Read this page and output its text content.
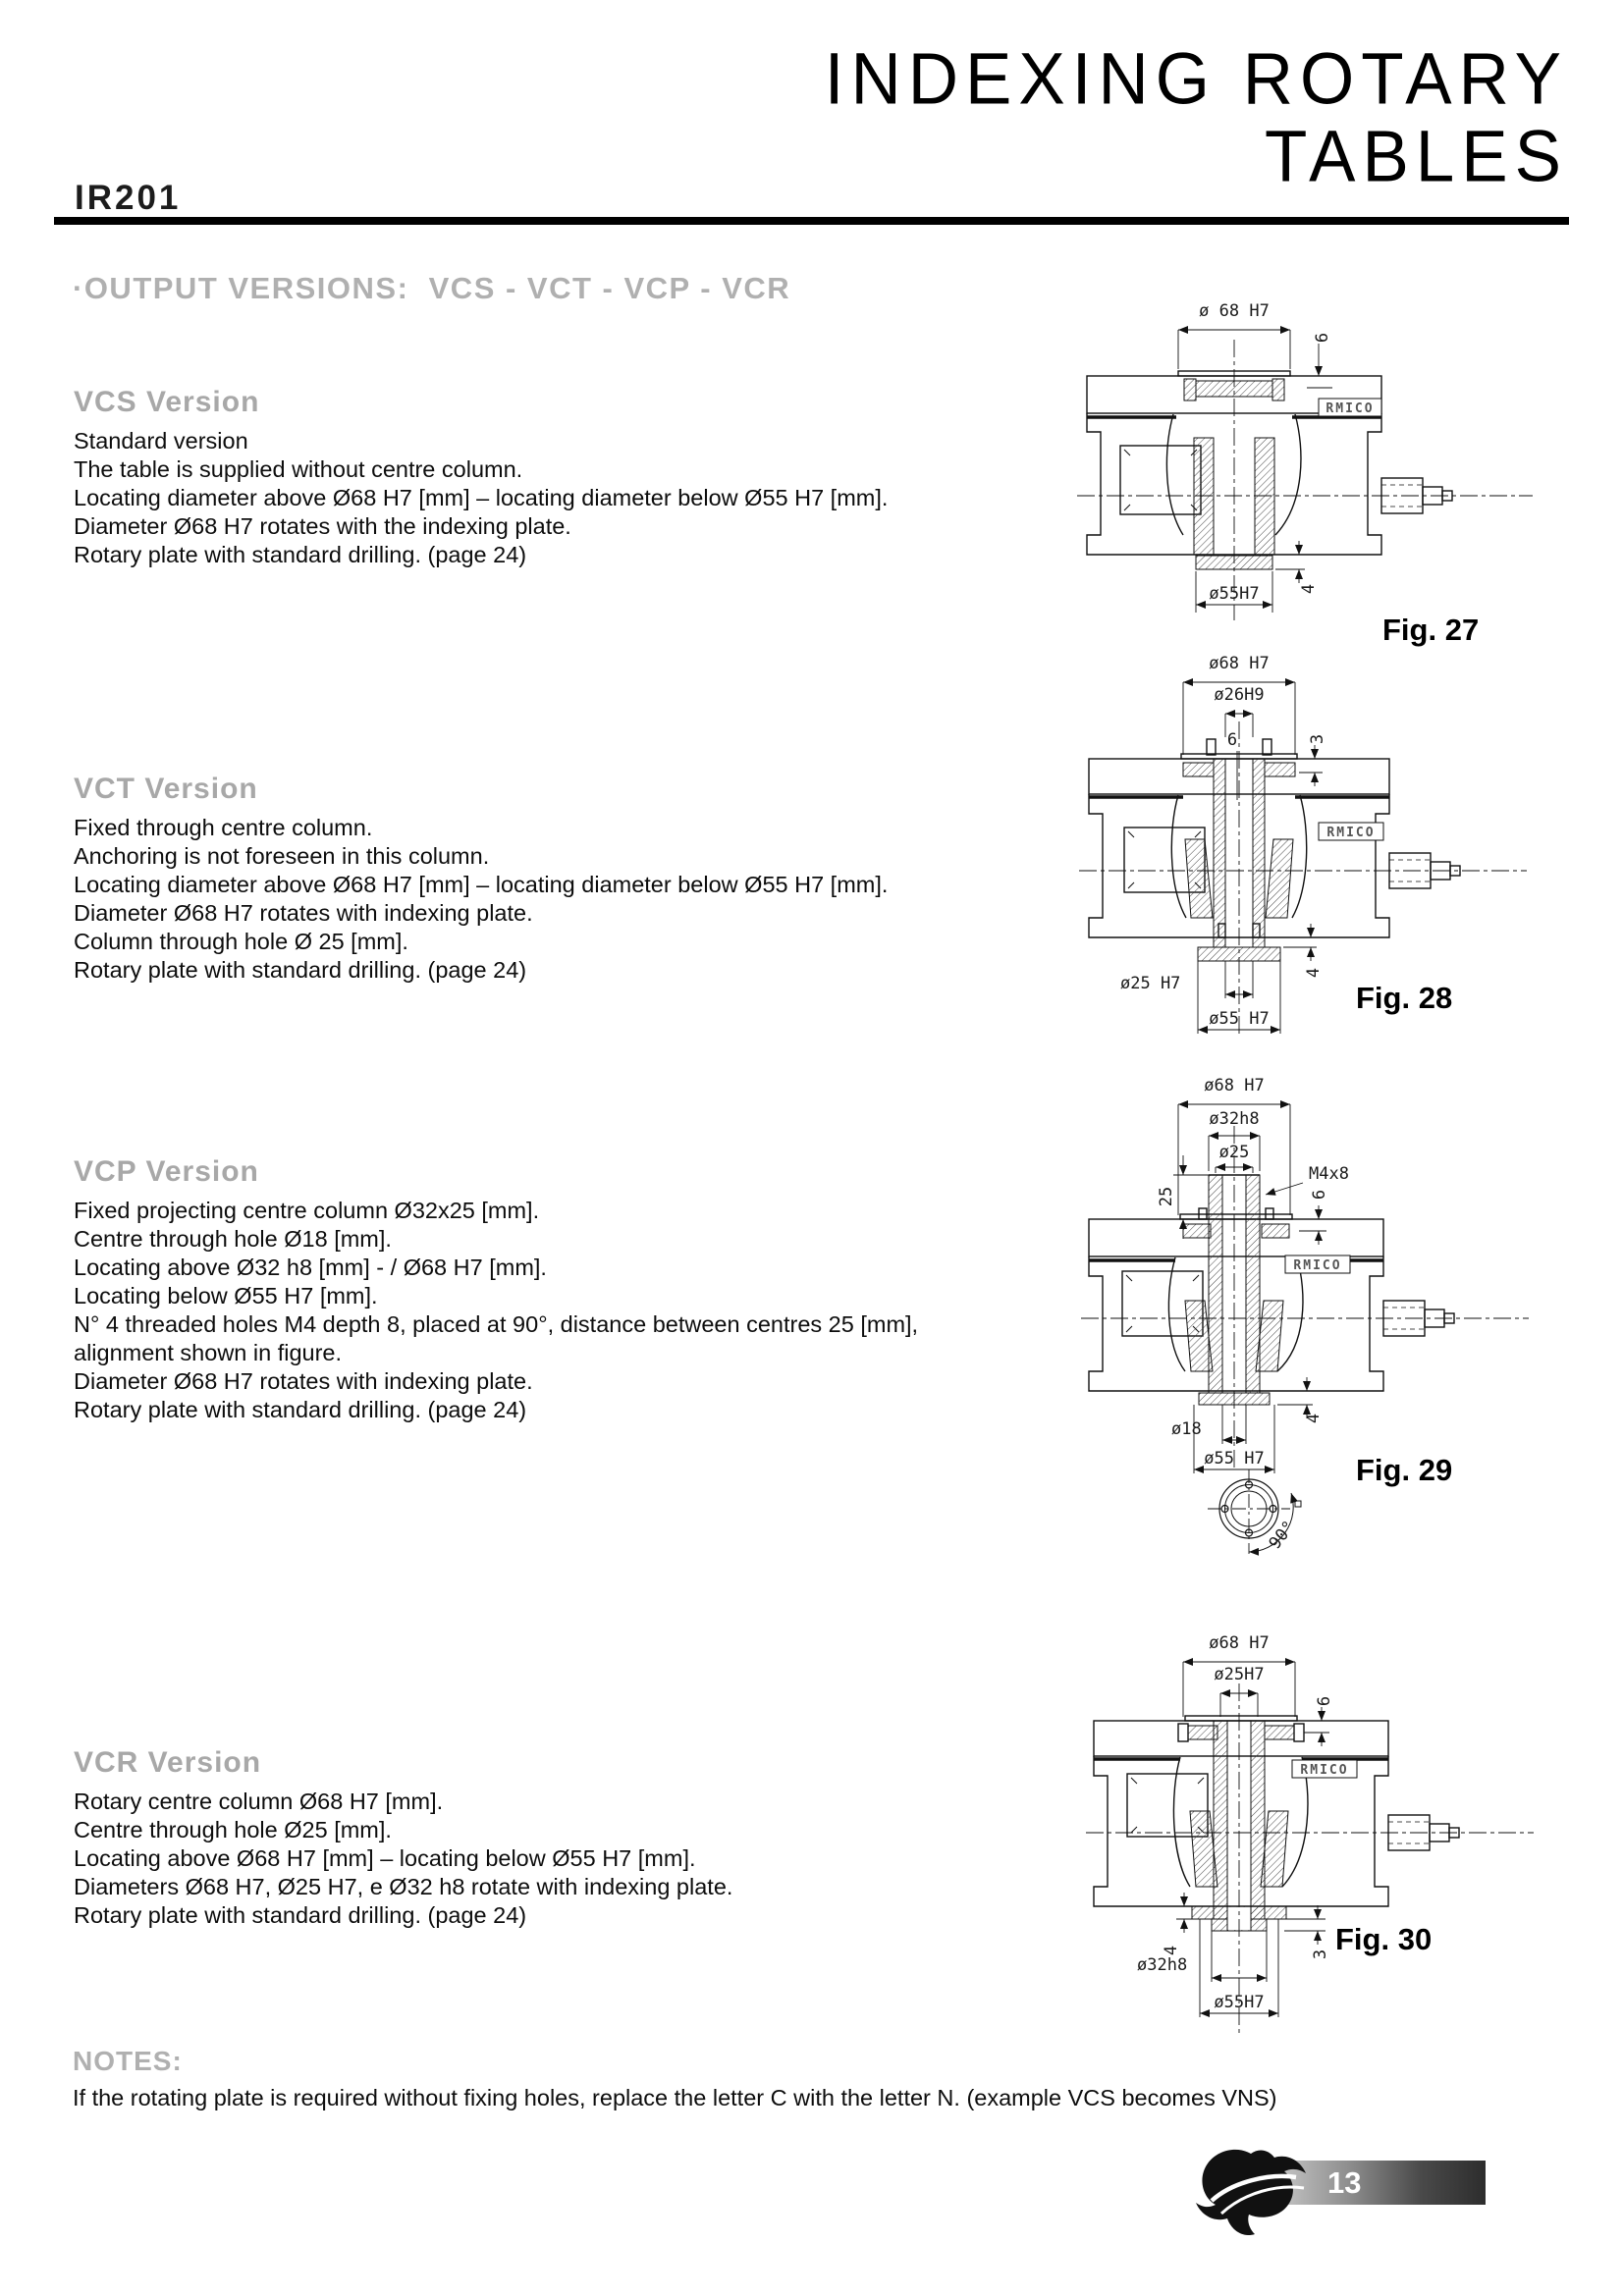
INDEXING ROTARY
TABLES
IR201
·OUTPUT VERSIONS:  VCS - VCT - VCP - VCR
VCS Version

Standard version

The table is supplied without centre column.

Locating diameter above Ø68 H7 [mm] – locating diameter below Ø55 H7 [mm].

Diameter Ø68 H7 rotates with the indexing plate.

Rotary plate with standard drilling. (page 24)

VCT Version

Fixed through centre column.

Anchoring is not foreseen in this column.

Locating diameter above Ø68 H7 [mm] – locating diameter below Ø55 H7 [mm].

Diameter Ø68 H7 rotates with indexing plate.

Column through hole Ø 25 [mm].

Rotary plate with standard drilling. (page 24)

VCP Version

Fixed projecting centre column Ø32x25 [mm].

Centre through hole Ø18 [mm].

Locating above Ø32 h8 [mm] - / Ø68 H7 [mm].

Locating below Ø55 H7 [mm].

N° 4 threaded holes M4 depth 8, placed at 90°, distance between centres 25 [mm],

alignment shown in figure.

Diameter Ø68 H7 rotates with indexing plate.

Rotary plate with standard drilling. (page 24)

VCR Version

Rotary centre column Ø68 H7 [mm].

Centre through hole Ø25 [mm].

Locating above Ø68 H7 [mm] – locating below Ø55 H7 [mm].

Diameters Ø68 H7, Ø25 H7, e Ø32 h8 rotate with indexing plate.

Rotary plate with standard drilling. (page 24)

RMICO
ø 68 H7
6
ø55H7 4
Fig. 27
RMICO
ø68 H7
ø26H9
6	3
ø25 H7
4
ø55 H7
Fig. 28
RMICO
ø68 H7
ø32h8
ø25
M4x8
25	6
ø18
4
ø55 H7
90°
Fig. 29
RMICO
ø68 H7
ø25H7
6
4	3
ø32h8
ø55H7
Fig. 30
NOTES:
If the rotating plate is required without fixing holes, replace the letter C with the letter N. (example VCS becomes VNS)
13
